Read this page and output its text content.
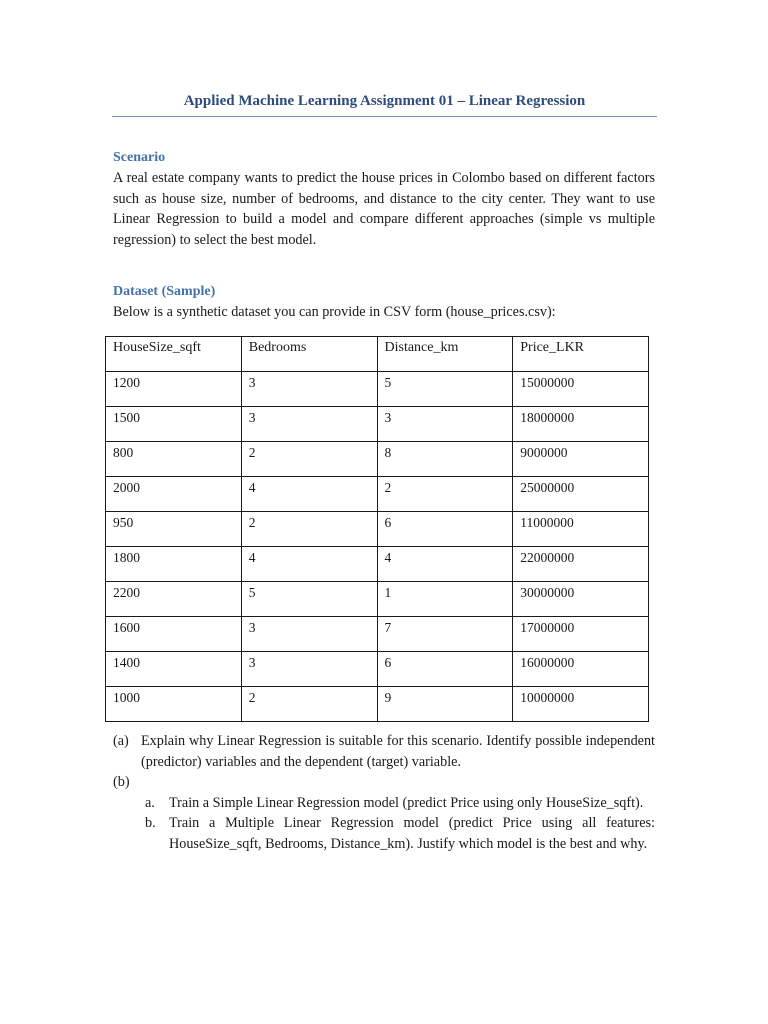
Applied Machine Learning Assignment 01 – Linear Regression
Scenario
A real estate company wants to predict the house prices in Colombo based on different factors such as house size, number of bedrooms, and distance to the city center. They want to use Linear Regression to build a model and compare different approaches (simple vs multiple regression) to select the best model.
Dataset (Sample)
Below is a synthetic dataset you can provide in CSV form (house_prices.csv):
HouseSize_sqft	Bedrooms	Distance_km	Price_LKR
1200	3	5	15000000
1500	3	3	18000000
800	2	8	9000000
2000	4	2	25000000
950	2	6	11000000
1800	4	4	22000000
2200	5	1	30000000
1600	3	7	17000000
1400	3	6	16000000
1000	2	9	10000000
(a) Explain why Linear Regression is suitable for this scenario. Identify possible independent (predictor) variables and the dependent (target) variable.
(b)
a. Train a Simple Linear Regression model (predict Price using only HouseSize_sqft).
b. Train a Multiple Linear Regression model (predict Price using all features: HouseSize_sqft, Bedrooms, Distance_km). Justify which model is the best and why.
